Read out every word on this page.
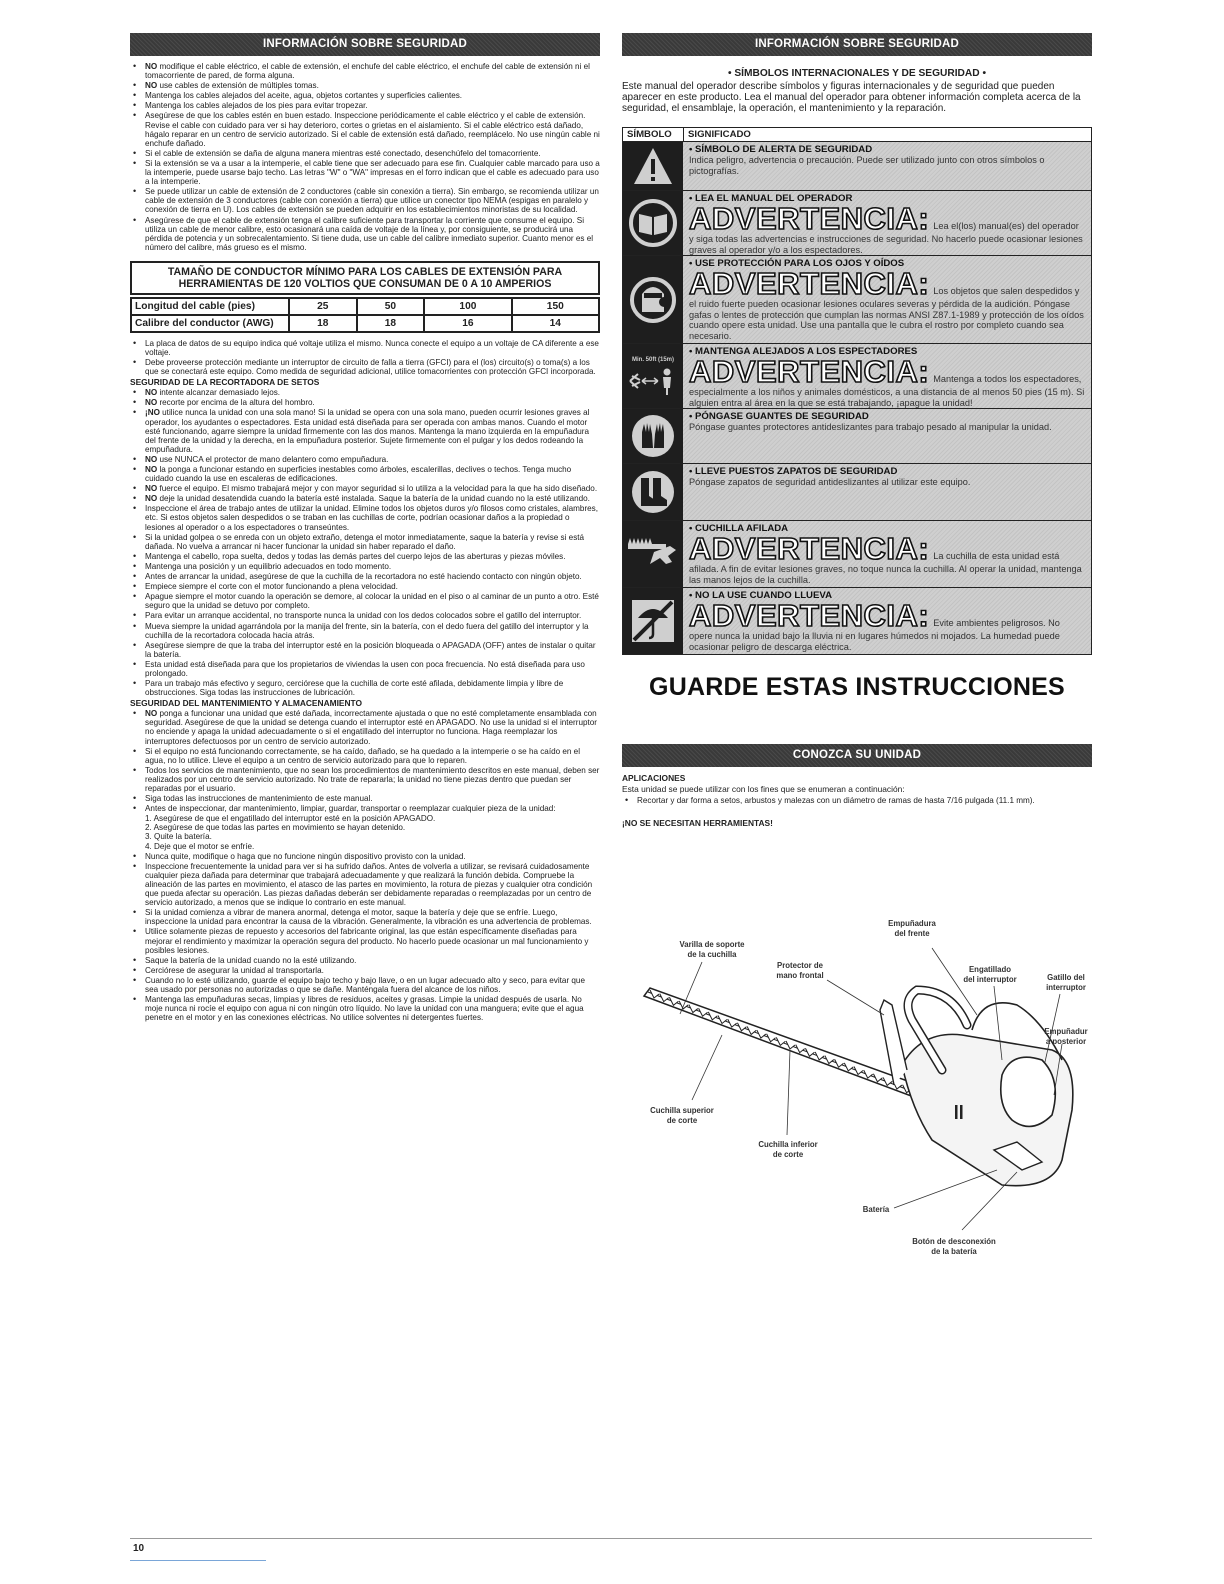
INFORMACIÓN SOBRE SEGURIDAD
• NO modifique el cable eléctrico, el cable de extensión, el enchufe del cable eléctrico, el enchufe del cable de extensión ni el tomacorriente de pared, de forma alguna.
• NO use cables de extensión de múltiples tomas.
• Mantenga los cables alejados del aceite, agua, objetos cortantes y superficies calientes.
• Mantenga los cables alejados de los pies para evitar tropezar.
• Asegúrese de que los cables estén en buen estado. Inspeccione periódicamente el cable eléctrico y el cable de extensión. Revise el cable con cuidado para ver si hay deterioro, cortes o grietas en el aislamiento. Si el cable eléctrico está dañado, hágalo reparar en un centro de servicio autorizado. Si el cable de extensión está dañado, reemplácelo. No use ningún cable ni enchufe dañado.
• Si el cable de extensión se daña de alguna manera mientras esté conectado, desenchúfelo del tomacorriente.
• Si la extensión se va a usar a la intemperie, el cable tiene que ser adecuado para ese fin. Cualquier cable marcado para uso a la intemperie, puede usarse bajo techo. Las letras "W" o "WA" impresas en el forro indican que el cable es adecuado para uso a la intemperie.
• Se puede utilizar un cable de extensión de 2 conductores (cable sin conexión a tierra). Sin embargo, se recomienda utilizar un cable de extensión de 3 conductores (cable con conexión a tierra) que utilice un conector tipo NEMA (espigas en paralelo y conexión de tierra en U). Los cables de extensión se pueden adquirir en los establecimientos minoristas de su localidad.
• Asegúrese de que el cable de extensión tenga el calibre suficiente para transportar la corriente que consume el equipo. Si utiliza un cable de menor calibre, esto ocasionará una caída de voltaje de la línea y, por consiguiente, se producirá una pérdida de potencia y un sobrecalentamiento. Si tiene duda, use un cable del calibre inmediato superior. Cuanto menor es el número del calibre, más grueso es el mismo.
TAMAÑO DE CONDUCTOR MÍNIMO PARA LOS CABLES DE EXTENSIÓN PARA
HERRAMIENTAS DE 120 VOLTIOS QUE CONSUMAN DE 0 A 10 AMPERIOS
Longitud del cable (pies)	25	50	100	150
Calibre del conductor (AWG)	18	18	16	14
• La placa de datos de su equipo indica qué voltaje utiliza el mismo. Nunca conecte el equipo a un voltaje de CA diferente a ese voltaje.
• Debe proveerse protección mediante un interruptor de circuito de falla a tierra (GFCI) para el (los) circuito(s) o toma(s) a los que se conectará este equipo. Como medida de seguridad adicional, utilice tomacorrientes con protección GFCI incorporada.
SEGURIDAD DE LA RECORTADORA DE SETOS
• NO intente alcanzar demasiado lejos.
• NO recorte por encima de la altura del hombro.
• ¡NO utilice nunca la unidad con una sola mano! Si la unidad se opera con una sola mano, pueden ocurrir lesiones graves al operador, los ayudantes o espectadores. Esta unidad está diseñada para ser operada con ambas manos. Cuando el motor esté funcionando, agarre siempre la unidad firmemente con las dos manos. Mantenga la mano izquierda en la empuñadura del frente de la unidad y la derecha, en la empuñadura posterior. Sujete firmemente con el pulgar y los dedos rodeando la empuñadura.
• NO use NUNCA el protector de mano delantero como empuñadura.
• NO la ponga a funcionar estando en superficies inestables como árboles, escalerillas, declives o techos. Tenga mucho cuidado cuando la use en escaleras de edificaciones.
• NO fuerce el equipo. El mismo trabajará mejor y con mayor seguridad si lo utiliza a la velocidad para la que ha sido diseñado.
• NO deje la unidad desatendida cuando la batería esté instalada. Saque la batería de la unidad cuando no la esté utilizando.
• Inspeccione el área de trabajo antes de utilizar la unidad. Elimine todos los objetos duros y/o filosos como cristales, alambres, etc. Si estos objetos salen despedidos o se traban en las cuchillas de corte, podrían ocasionar daños a la propiedad o lesiones al operador o a los espectadores o transeúntes.
• Si la unidad golpea o se enreda con un objeto extraño, detenga el motor inmediatamente, saque la batería y revise si está dañada. No vuelva a arrancar ni hacer funcionar la unidad sin haber reparado el daño.
• Mantenga el cabello, ropa suelta, dedos y todas las demás partes del cuerpo lejos de las aberturas y piezas móviles.
• Mantenga una posición y un equilibrio adecuados en todo momento.
• Antes de arrancar la unidad, asegúrese de que la cuchilla de la recortadora no esté haciendo contacto con ningún objeto.
• Empiece siempre el corte con el motor funcionando a plena velocidad.
• Apague siempre el motor cuando la operación se demore, al colocar la unidad en el piso o al caminar de un punto a otro. Esté seguro que la unidad se detuvo por completo.
• Para evitar un arranque accidental, no transporte nunca la unidad con los dedos colocados sobre el gatillo del interruptor.
• Mueva siempre la unidad agarrándola por la manija del frente, sin la batería, con el dedo fuera del gatillo del interruptor y la cuchilla de la recortadora colocada hacia atrás.
• Asegúrese siempre de que la traba del interruptor esté en la posición bloqueada o APAGADA (OFF) antes de instalar o quitar la batería.
• Esta unidad está diseñada para que los propietarios de viviendas la usen con poca frecuencia. No está diseñada para uso prolongado.
• Para un trabajo más efectivo y seguro, cerciórese que la cuchilla de corte esté afilada, debidamente limpia y libre de obstrucciones. Siga todas las instrucciones de lubricación.
SEGURIDAD DEL MANTENIMIENTO Y ALMACENAMIENTO
• NO ponga a funcionar una unidad que esté dañada, incorrectamente ajustada o que no esté completamente ensamblada con seguridad. Asegúrese de que la unidad se detenga cuando el interruptor esté en APAGADO. No use la unidad si el interruptor no enciende y apaga la unidad adecuadamente o si el engatillado del interruptor no funciona. Haga reemplazar los interruptores defectuosos por un centro de servicio autorizado.
• Si el equipo no está funcionando correctamente, se ha caído, dañado, se ha quedado a la intemperie o se ha caído en el agua, no lo utilice. Lleve el equipo a un centro de servicio autorizado para que lo reparen.
• Todos los servicios de mantenimiento, que no sean los procedimientos de mantenimiento descritos en este manual, deben ser realizados por un centro de servicio autorizado. No trate de repararla; la unidad no tiene piezas dentro que puedan ser reparadas por el usuario.
• Siga todas las instrucciones de mantenimiento de este manual.
• Antes de inspeccionar, dar mantenimiento, limpiar, guardar, transportar o reemplazar cualquier pieza de la unidad:
1. Asegúrese de que el engatillado del interruptor esté en la posición APAGADO.
2. Asegúrese de que todas las partes en movimiento se hayan detenido.
3. Quite la batería.
4. Deje que el motor se enfríe.
• Nunca quite, modifique o haga que no funcione ningún dispositivo provisto con la unidad.
• Inspeccione frecuentemente la unidad para ver si ha sufrido daños. Antes de volverla a utilizar, se revisará cuidadosamente cualquier pieza dañada para determinar que trabajará adecuadamente y que realizará la función debida. Compruebe la alineación de las partes en movimiento, el atasco de las partes en movimiento, la rotura de piezas y cualquier otra condición que pueda afectar su operación. Las piezas dañadas deberán ser debidamente reparadas o reemplazadas por un centro de servicio autorizado, a menos que se indique lo contrario en este manual.
• Si la unidad comienza a vibrar de manera anormal, detenga el motor, saque la batería y deje que se enfríe. Luego, inspeccione la unidad para encontrar la causa de la vibración. Generalmente, la vibración es una advertencia de problemas.
• Utilice solamente piezas de repuesto y accesorios del fabricante original, las que están específicamente diseñadas para mejorar el rendimiento y maximizar la operación segura del producto. No hacerlo puede ocasionar un mal funcionamiento y posibles lesiones.
• Saque la batería de la unidad cuando no la esté utilizando.
• Cerciórese de asegurar la unidad al transportarla.
• Cuando no lo esté utilizando, guarde el equipo bajo techo y bajo llave, o en un lugar adecuado alto y seco, para evitar que sea usado por personas no autorizadas o que se dañe. Manténgala fuera del alcance de los niños.
• Mantenga las empuñaduras secas, limpias y libres de residuos, aceites y grasas. Limpie la unidad después de usarla. No moje nunca ni rocíe el equipo con agua ni con ningún otro líquido. No lave la unidad con una manguera; evite que el agua penetre en el motor y en las conexiones eléctricas. No utilice solventes ni detergentes fuertes.
INFORMACIÓN SOBRE SEGURIDAD
• SÍMBOLOS INTERNACIONALES Y DE SEGURIDAD •
Este manual del operador describe símbolos y figuras internacionales y de seguridad que pueden aparecer en este producto. Lea el manual del operador para obtener información completa acerca de la seguridad, el ensamblaje, la operación, el mantenimiento y la reparación.
SÍMBOLO	SIGNIFICADO
• SÍMBOLO DE ALERTA DE SEGURIDAD
Indica peligro, advertencia o precaución. Puede ser utilizado junto con otros símbolos o pictografías.
• LEA EL MANUAL DEL OPERADOR
ADVERTENCIA: Lea el(los) manual(es) del operador y siga todas las advertencias e instrucciones de seguridad. No hacerlo puede ocasionar lesiones graves al operador y/o a los espectadores.
• USE PROTECCIÓN PARA LOS OJOS Y OÍDOS
ADVERTENCIA: Los objetos que salen despedidos y el ruido fuerte pueden ocasionar lesiones oculares severas y pérdida de la audición. Póngase gafas o lentes de protección que cumplan las normas ANSI Z87.1-1989 y protección de los oídos cuando opere esta unidad. Use una pantalla que le cubra el rostro por completo cuando sea necesario.
Min. 50ft (15m)
• MANTENGA ALEJADOS A LOS ESPECTADORES
ADVERTENCIA: Mantenga a todos los espectadores, especialmente a los niños y animales domésticos, a una distancia de al menos 50 pies (15 m). Si alguien entra al área en la que se está trabajando, ¡apague la unidad!
• PÓNGASE GUANTES DE SEGURIDAD
Póngase guantes protectores antideslizantes para trabajo pesado al manipular la unidad.
• LLEVE PUESTOS ZAPATOS DE SEGURIDAD
Póngase zapatos de seguridad antideslizantes al utilizar este equipo.
• CUCHILLA AFILADA
ADVERTENCIA: La cuchilla de esta unidad está afilada. A fin de evitar lesiones graves, no toque nunca la cuchilla. Al operar la unidad, mantenga las manos lejos de la cuchilla.
• NO LA USE CUANDO LLUEVA
ADVERTENCIA: Evite ambientes peligrosos. No opere nunca la unidad bajo la lluvia ni en lugares húmedos ni mojados. La humedad puede ocasionar peligro de descarga eléctrica.
GUARDE ESTAS INSTRUCCIONES
CONOZCA SU UNIDAD
APLICACIONES
Esta unidad se puede utilizar con los fines que se enumeran a continuación:
• Recortar y dar forma a setos, arbustos y malezas con un diámetro de ramas de hasta 7/16 pulgada (11.1 mm).
¡NO SE NECESITAN HERRAMIENTAS!
Empuñadura
del frente
Varilla de soporte
de la cuchilla
Protector de
mano frontal
Engatillado
del interruptor	Gatillo del
interruptor
Empuñadur
a posterior
Cuchilla superior
de corte
Cuchilla inferior
de corte
Batería
Botón de desconexión
de la batería
10
